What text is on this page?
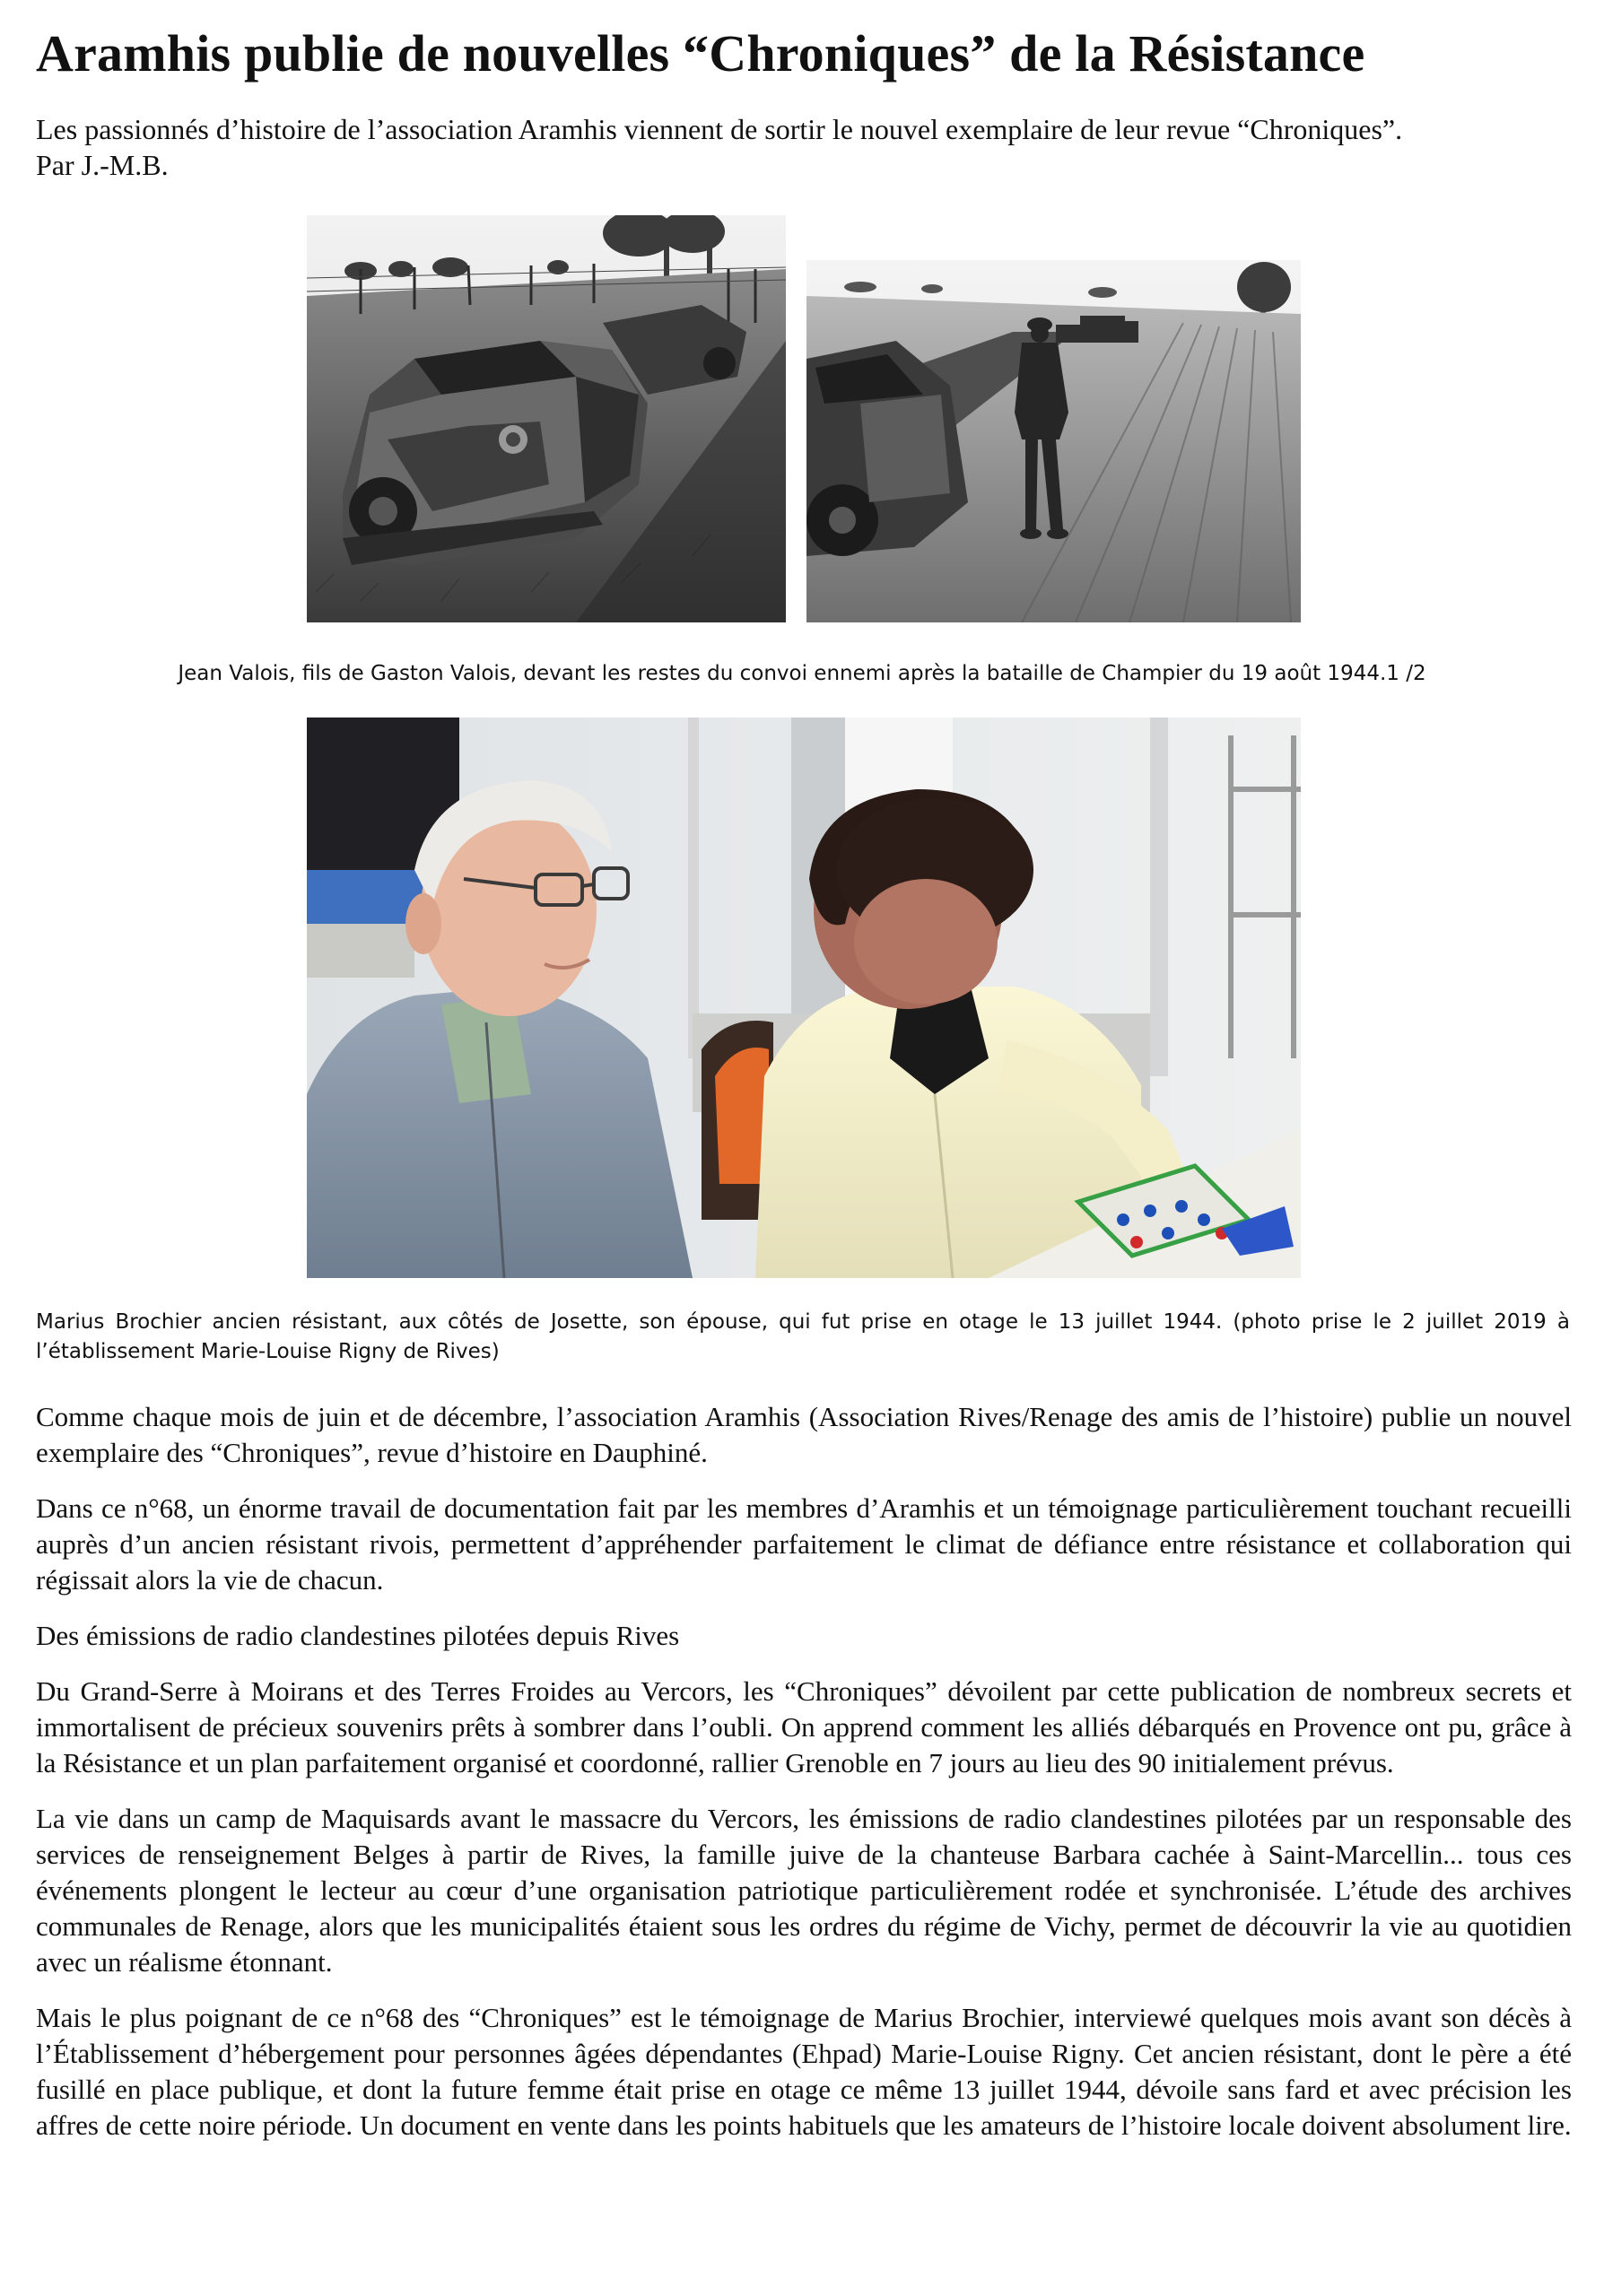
Aramhis publie de nouvelles “Chroniques” de la Résistance

Les passionnés d’histoire de l’association Aramhis viennent de sortir le nouvel exemplaire de leur revue “Chroniques”.
Par J.-M.B.

Jean Valois, fils de Gaston Valois, devant les restes du convoi ennemi après la bataille de Champier du 19 août 1944.1 /2

Marius Brochier ancien résistant, aux côtés de Josette, son épouse, qui fut prise en otage le 13 juillet 1944. (photo prise le 2 juillet 2019 à l’établissement Marie-Louise Rigny de Rives)

Comme chaque mois de juin et de décembre, l’association Aramhis (Association Rives/Renage des amis de l’histoire) publie un nouvel exemplaire des “Chroniques”, revue d’histoire en Dauphiné.

Dans ce n°68, un énorme travail de documentation fait par les membres d’Aramhis et un témoignage particulièrement touchant recueilli auprès d’un ancien résistant rivois, permettent d’appréhender parfaitement le climat de défiance entre résistance et collaboration qui régissait alors la vie de chacun.

Des émissions de radio clandestines pilotées depuis Rives

Du Grand-Serre à Moirans et des Terres Froides au Vercors, les “Chroniques” dévoilent par cette publication de nombreux secrets et immortalisent de précieux souvenirs prêts à sombrer dans l’oubli. On apprend comment les alliés débarqués en Provence ont pu, grâce à la Résistance et un plan parfaitement organisé et coordonné, rallier Grenoble en 7 jours au lieu des 90 initialement prévus.

La vie dans un camp de Maquisards avant le massacre du Vercors, les émissions de radio clandestines pilotées par un responsable des services de renseignement Belges à partir de Rives, la famille juive de la chanteuse Barbara cachée à Saint-Marcellin... tous ces événements plongent le lecteur au cœur d’une organisation patriotique particulièrement rodée et synchronisée. L’étude des archives communales de Renage, alors que les municipalités étaient sous les ordres du régime de Vichy, permet de découvrir la vie au quotidien avec un réalisme étonnant.

Mais le plus poignant de ce n°68 des “Chroniques” est le témoignage de Marius Brochier, interviewé quelques mois avant son décès à l’Établissement d’hébergement pour personnes âgées dépendantes (Ehpad) Marie-Louise Rigny. Cet ancien résistant, dont le père a été fusillé en place publique, et dont la future femme était prise en otage ce même 13 juillet 1944, dévoile sans fard et avec précision les affres de cette noire période. Un document en vente dans les points habituels que les amateurs de l’histoire locale doivent absolument lire.
